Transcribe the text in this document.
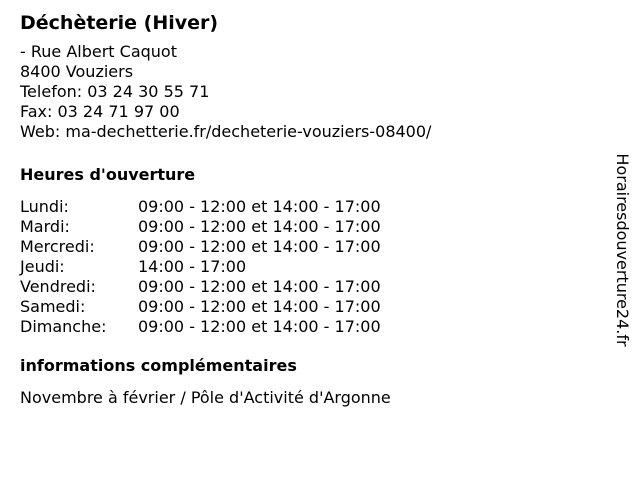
Déchèterie (Hiver)
- Rue Albert Caquot
8400 Vouziers
Telefon: 03 24 30 55 71
Fax: 03 24 71 97 00
Web: ma-dechetterie.fr/decheterie-vouziers-08400/
Heures d'ouverture
Lundi:	09:00 - 12:00 et 14:00 - 17:00
Mardi:	09:00 - 12:00 et 14:00 - 17:00
Mercredi:	09:00 - 12:00 et 14:00 - 17:00
Jeudi:	14:00 - 17:00
Vendredi:	09:00 - 12:00 et 14:00 - 17:00
Samedi:	09:00 - 12:00 et 14:00 - 17:00
Dimanche:	09:00 - 12:00 et 14:00 - 17:00
informations complémentaires
Novembre à février / Pôle d'Activité d'Argonne
Horairesdouverture24.fr
